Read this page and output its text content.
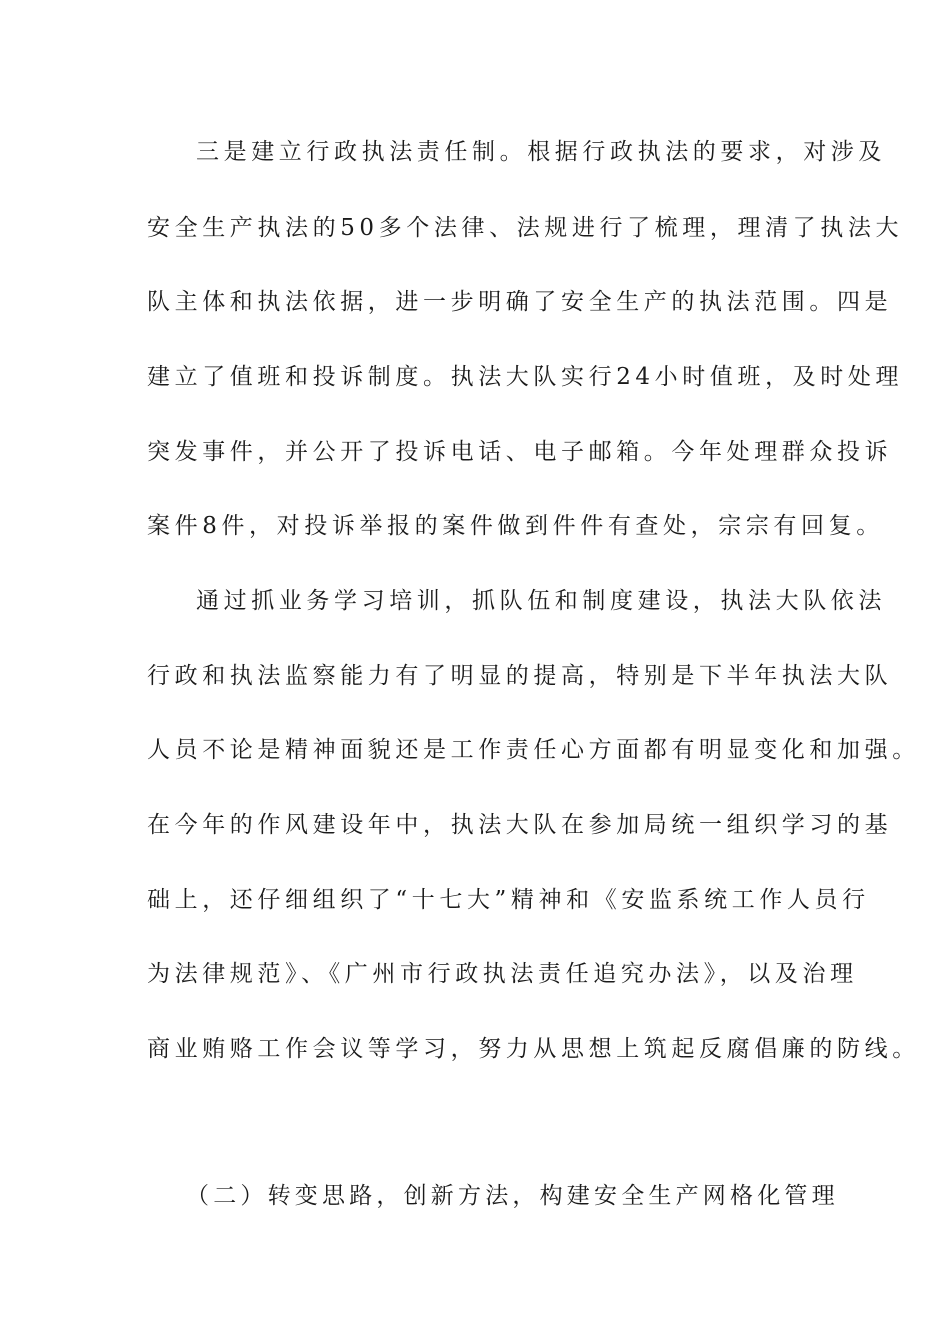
三是建立行政执法责任制。根据行政执法的要求，对涉及
安全生产执法的50多个法律、法规进行了梳理，理清了执法大
队主体和执法依据，进一步明确了安全生产的执法范围。四是
建立了值班和投诉制度。执法大队实行24小时值班，及时处理
突发事件，并公开了投诉电话、电子邮箱。今年处理群众投诉
案件8件，对投诉举报的案件做到件件有查处，宗宗有回复。
通过抓业务学习培训，抓队伍和制度建设，执法大队依法
行政和执法监察能力有了明显的提高，特别是下半年执法大队
人员不论是精神面貌还是工作责任心方面都有明显变化和加强。
在今年的作风建设年中，执法大队在参加局统一组织学习的基
础上，还仔细组织了“十七大”精神和《安监系统工作人员行
为法律规范》、《广州市行政执法责任追究办法》，以及治理
商业贿赂工作会议等学习，努力从思想上筑起反腐倡廉的防线。
（二）转变思路，创新方法，构建安全生产网格化管理
